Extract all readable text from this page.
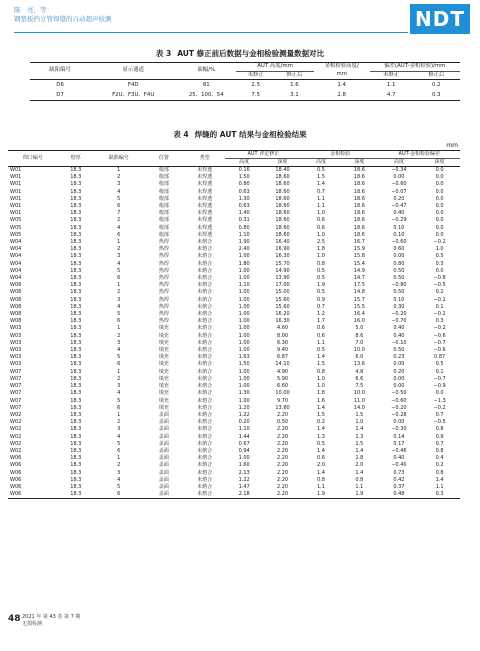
陈　亮，等：
钢垫板挡立管焊缝的自动超声检测	NDT
表 3 AUT 修正前后数据与金相检验测量数据对比
缺陷编号	显示通道	面幅/%	AUT 高度/mm		金相检验高度/	偏差(AUT-金相检验)/mm	
			未修正	修正后	mm	未修正	修正后
D6	F4D	81	2.5	1.6	1.4	1.1	0.2
D7	F2U、F3U、F4U	25、100、54	7.5	3.1	2.8	4.7	0.3
表 4 焊缝的 AUT 结果与金相检验结果
mm
焊口编号	壁厚	缺陷编号	位置	类型	AUT 评定修正		金相检验		AUT-金相检验偏差	
					高度	深度	高度	深度	高度	深度
W01	18.3	1	根部	未焊透	0.16	18.40	0.5	18.6	−0.34	0.0
W01	18.3	2	根部	未焊透	1.50	18.60	1.5	18.6	0.00	0.0
W01	18.3	3	根部	未焊透	0.80	18.60	1.4	18.6	−0.60	0.0
W01	18.3	4	根部	未焊透	0.63	18.60	0.7	18.6	−0.07	0.0
W01	18.3	5	根部	未焊透	1.30	18.60	1.1	18.6	0.20	0.0
W01	18.3	6	根部	未焊透	0.63	18.60	1.1	18.6	−0.47	0.0
W01	18.3	7	根部	未焊透	1.40	18.60	1.0	18.6	0.40	0.0
W05	18.3	2	根部	未焊透	0.31	18.60	0.6	18.6	−0.29	0.0
W05	18.3	4	根部	未焊透	0.80	18.60	0.6	18.6	0.10	0.0
W05	18.3	6	根部	未焊透	1.10	18.60	1.0	18.6	0.10	0.0
W04	18.3	1	热焊	未熔合	1.90	16.40	2.5	16.7	−0.60	−0.2
W04	18.3	2	热焊	未熔合	2.40	16.90	1.8	15.9	0.60	1.0
W04	18.3	3	热焊	未熔合	1.00	16.30	1.0	15.8	0.00	0.5
W04	18.3	4	热焊	未熔合	1.80	15.70	0.8	15.4	0.80	0.3
W04	18.3	5	热焊	未熔合	1.00	14.90	0.5	14.9	0.50	0.0
W04	18.3	6	热焊	未熔合	1.00	13.90	0.5	14.7	0.50	−0.8
W08	18.3	1	热焊	未熔合	1.10	17.00	1.9	17.5	−0.80	−0.5
W08	18.3	2	热焊	未熔合	1.00	15.00	0.5	14.8	0.50	0.2
W08	18.3	3	热焊	未熔合	1.00	15.60	0.9	15.7	0.10	−0.1
W08	18.3	4	热焊	未熔合	1.00	15.60	0.7	15.5	0.30	0.1
W08	18.3	5	热焊	未熔合	1.00	16.20	1.2	16.4	−0.20	−0.2
W08	18.3	6	热焊	未熔合	1.00	16.30	1.7	16.0	−0.70	0.3
W03	18.3	1	填充	未熔合	1.00	4.60	0.6	5.0	0.40	−0.2
W03	18.3	2	填充	未熔合	1.00	8.00	0.6	8.6	0.40	−0.6
W03	18.3	3	填充	未熔合	1.00	6.30	1.1	7.0	−0.10	−0.7
W03	18.3	4	填充	未熔合	1.00	9.40	0.5	10.0	0.50	−0.6
W03	18.3	5	填充	未熔合	1.63	6.87	1.4	6.0	0.23	0.87
W03	18.3	6	填充	未熔合	1.50	14.10	1.5	13.6	0.00	0.5
W07	18.3	1	填充	未熔合	1.00	4.90	0.8	4.8	0.20	0.1
W07	18.3	2	填充	未熔合	1.00	5.90	1.0	6.6	0.00	−0.7
W07	18.3	3	填充	未熔合	1.00	6.60	1.0	7.5	0.00	−0.9
W07	18.3	4	填充	未熔合	1.30	10.00	1.8	10.0	−0.50	0.0
W07	18.3	5	填充	未熔合	1.00	9.70	1.6	11.0	−0.60	−1.3
W07	18.3	6	填充	未熔合	1.20	13.80	1.4	14.0	−0.20	−0.2
W02	18.3	1	盖面	未熔合	1.22	2.20	1.5	1.5	−0.28	0.7
W02	18.3	2	盖面	未熔合	0.20	0.50	0.2	1.0	0.00	−0.5
W02	18.3	3	盖面	未熔合	1.10	2.20	1.4	1.4	−0.30	0.8
W02	18.3	4	盖面	未熔合	1.44	2.20	1.3	1.3	0.14	0.9
W02	18.3	5	盖面	未熔合	0.67	2.20	0.5	1.5	0.17	0.7
W02	18.3	6	盖面	未熔合	0.94	2.20	1.4	1.4	−0.46	0.8
W06	18.3	1	盖面	未熔合	1.00	2.20	0.6	1.8	0.40	0.4
W06	18.3	2	盖面	未熔合	1.60	2.20	2.0	2.0	−0.40	0.2
W06	18.3	3	盖面	未熔合	2.13	2.20	1.4	1.4	0.73	0.8
W06	18.3	4	盖面	未熔合	1.22	2.20	0.8	0.8	0.42	1.4
W06	18.3	5	盖面	未熔合	1.47	2.20	1.1	1.1	0.37	1.1
W06	18.3	6	盖面	未熔合	2.18	2.20	1.9	1.9	0.48	0.3
48 2021 年 第 43 卷 第 7 期
无损检测
